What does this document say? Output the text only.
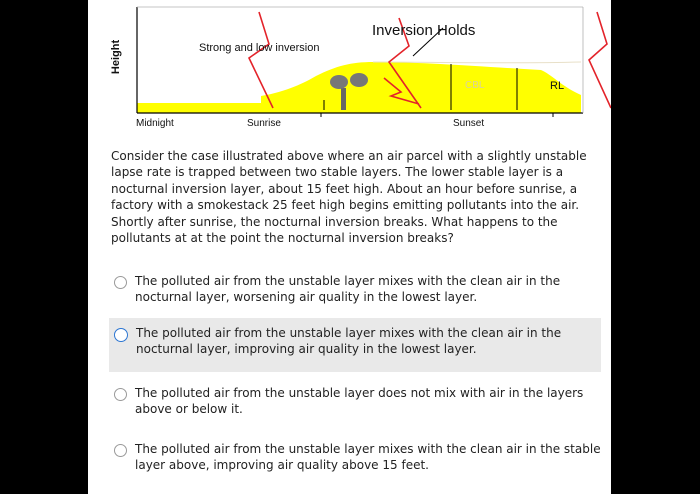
Inversion Holds
Height	Strong and low inversion
CBL	RL
Midnight	Sunrise	Sunset
Consider the case illustrated above where an air parcel with a slightly unstable lapse rate is trapped between two stable layers. The lower stable layer is a nocturnal inversion layer, about 15 feet high. About an hour before sunrise, a factory with a smokestack 25 feet high begins emitting pollutants into the air. Shortly after sunrise, the nocturnal inversion breaks. What happens to the pollutants at at the point the nocturnal inversion breaks?
The polluted air from the unstable layer mixes with the clean air in the nocturnal layer, worsening air quality in the lowest layer.
The polluted air from the unstable layer mixes with the clean air in the nocturnal layer, improving air quality in the lowest layer.
The polluted air from the unstable layer does not mix with air in the layers above or below it.
The polluted air from the unstable layer mixes with the clean air in the stable layer above, improving air quality above 15 feet.
